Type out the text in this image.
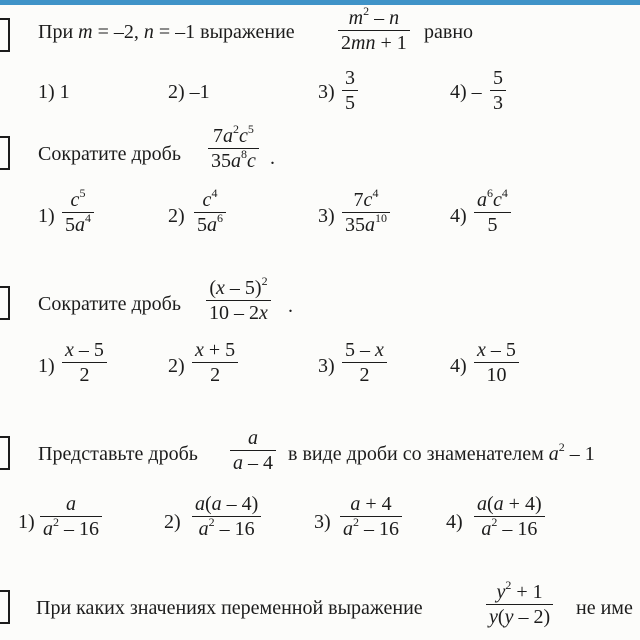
При m = –2, n = –1 выражение
$m^2$ – n
2mn + 1 равно
1) 1	2) –1	3)
3
5	4) –
5
3
Сократите дробь
$7a^2c^5$
$35a^8c$ .
1)
$c^5$
$5a^4$	2)
$c^4$
$5a^6$	3)
$7c^4$
$35a^{10}$	4)
$a^6c^4$
5
Сократите дробь
(x – 5)$^2$
10 – 2x .
1)
x – 5
2	2)
x + 5
2	3)
5 – x
2	4)
x – 5
10
Представьте дробь
a
a – 4 в виде дроби со знаменателем $a^2 - 1$
1)
a
$a^2 - 16$	2)
a(a – 4)
$a^2 - 16$	3)
a + 4
$a^2 - 16$ 4)
a(a + 4)
$a^2 - 16$
При каких значениях переменной выражение
$y^2 + 1$
y(y – 2) не име
